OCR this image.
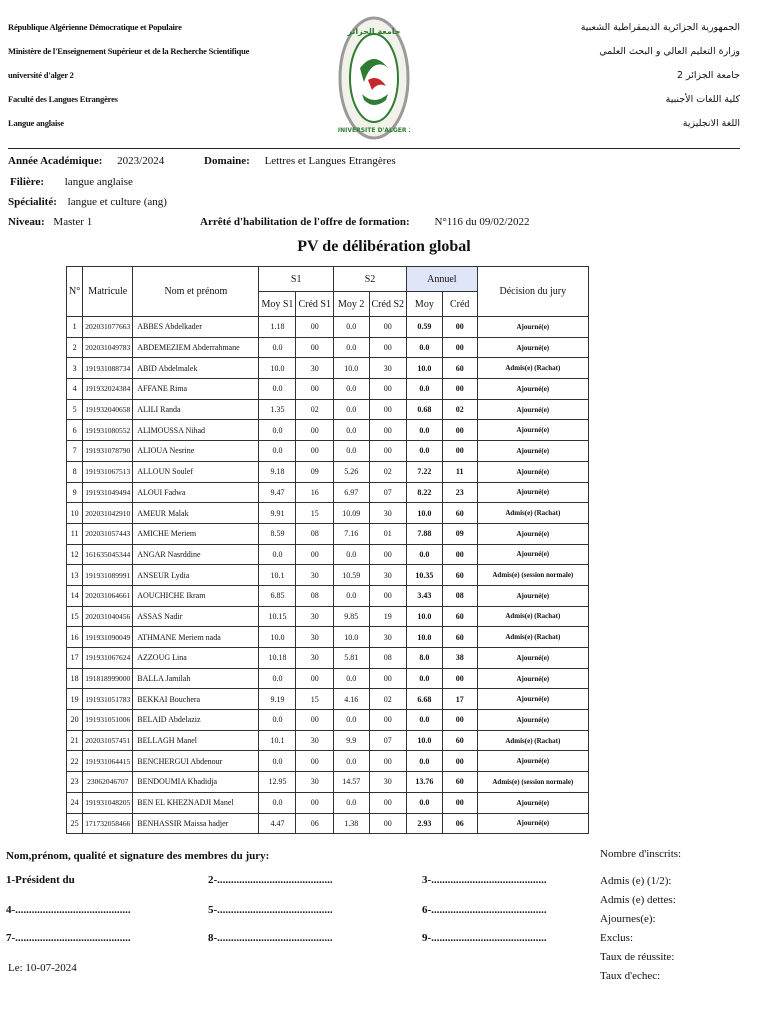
République Algérienne Démocratique et Populaire
Ministère de l'Enseignement Supérieur et de la Recherche Scientifique
université d'alger 2
Faculté des Langues Etrangères
Langue anglaise
جامعة الجزائر
UNIVERSITE D'ALGER 2
الجمهورية الجزائرية الديمقراطية الشعبية
وزارة التعليم العالي و البحث العلمي
جامعة الجزائر 2
كلية اللغات الأجنبية
اللغة الانجليزية
Année Académique: 2023/2024	Domaine: Lettres et Langues Etrangères
Filière: langue anglaise
Spécialité: langue et culture (ang)
Niveau: Master 1	Arrêté d'habilitation de l'offre de formation: N°116 du 09/02/2022
PV de délibération global
N°	Matricule	Nom et prénom	S1		S2		Annuel		Décision du jury
			Moy S1	Créd S1	Moy 2	Créd S2	Moy	Créd	
1	202031077663	ABBES Abdelkader	1.18	00	0.0	00	0.59	00	Ajourné(e)
2	202031049783	ABDEMEZIEM Abderrahmane	0.0	00	0.0	00	0.0	00	Ajourné(e)
3	191931088734	ABID Abdelmalek	10.0	30	10.0	30	10.0	60	Admis(e) (Rachat)
4	191932024384	AFFANE Rima	0.0	00	0.0	00	0.0	00	Ajourné(e)
5	191932040658	ALILI Randa	1.35	02	0.0	00	0.68	02	Ajourné(e)
6	191931080552	ALIMOUSSA Nihad	0.0	00	0.0	00	0.0	00	Ajourné(e)
7	191931078790	ALIOUA Nesrine	0.0	00	0.0	00	0.0	00	Ajourné(e)
8	191931067513	ALLOUN Soulef	9.18	09	5.26	02	7.22	11	Ajourné(e)
9	191931049494	ALOUI Fadwa	9.47	16	6.97	07	8.22	23	Ajourné(e)
10	202031042910	AMEUR Malak	9.91	15	10.09	30	10.0	60	Admis(e) (Rachat)
11	202031057443	AMICHE Meriem	8.59	08	7.16	01	7.88	09	Ajourné(e)
12	161635045344	ANGAR Nasrddine	0.0	00	0.0	00	0.0	00	Ajourné(e)
13	191931089991	ANSEUR Lydia	10.1	30	10.59	30	10.35	60	Admis(e) (session normale)
14	202031064661	AOUCHICHE Ikram	6.85	08	0.0	00	3.43	08	Ajourné(e)
15	202031040456	ASSAS Nadir	10.15	30	9.85	19	10.0	60	Admis(e) (Rachat)
16	191931090049	ATHMANE Meriem nada	10.0	30	10.0	30	10.0	60	Admis(e) (Rachat)
17	191931067624	AZZOUG Lina	10.18	30	5.81	08	8.0	38	Ajourné(e)
18	191818999000	BALLA Jamilah	0.0	00	0.0	00	0.0	00	Ajourné(e)
19	191931051783	BEKKAI Bouchera	9.19	15	4.16	02	6.68	17	Ajourné(e)
20	191931051006	BELAID Abdelaziz	0.0	00	0.0	00	0.0	00	Ajourné(e)
21	202031057451	BELLAGH Manel	10.1	30	9.9	07	10.0	60	Admis(e) (Rachat)
22	191931064415	BENCHERGUI Abdenour	0.0	00	0.0	00	0.0	00	Ajourné(e)
23	23062046707	BENDOUMIA Khadidja	12.95	30	14.57	30	13.76	60	Admis(e) (session normale)
24	191931048205	BEN EL KHEZNADJI Manel	0.0	00	0.0	00	0.0	00	Ajourné(e)
25	171732058466	BENHASSIR Maissa hadjer	4.47	06	1.38	00	2.93	06	Ajourné(e)
Nom,prénom, qualité et signature des membres du jury:
1-Président du	2-..........................................	3-..........................................
4-..........................................	5-..........................................	6-..........................................
7-..........................................	8-..........................................	9-..........................................
Le: 10-07-2024
Nombre d'inscrits:
Admis (e) (1/2):
Admis (e) dettes:
Ajournes(e):
Exclus:
Taux de réussite:
Taux d'echec:
